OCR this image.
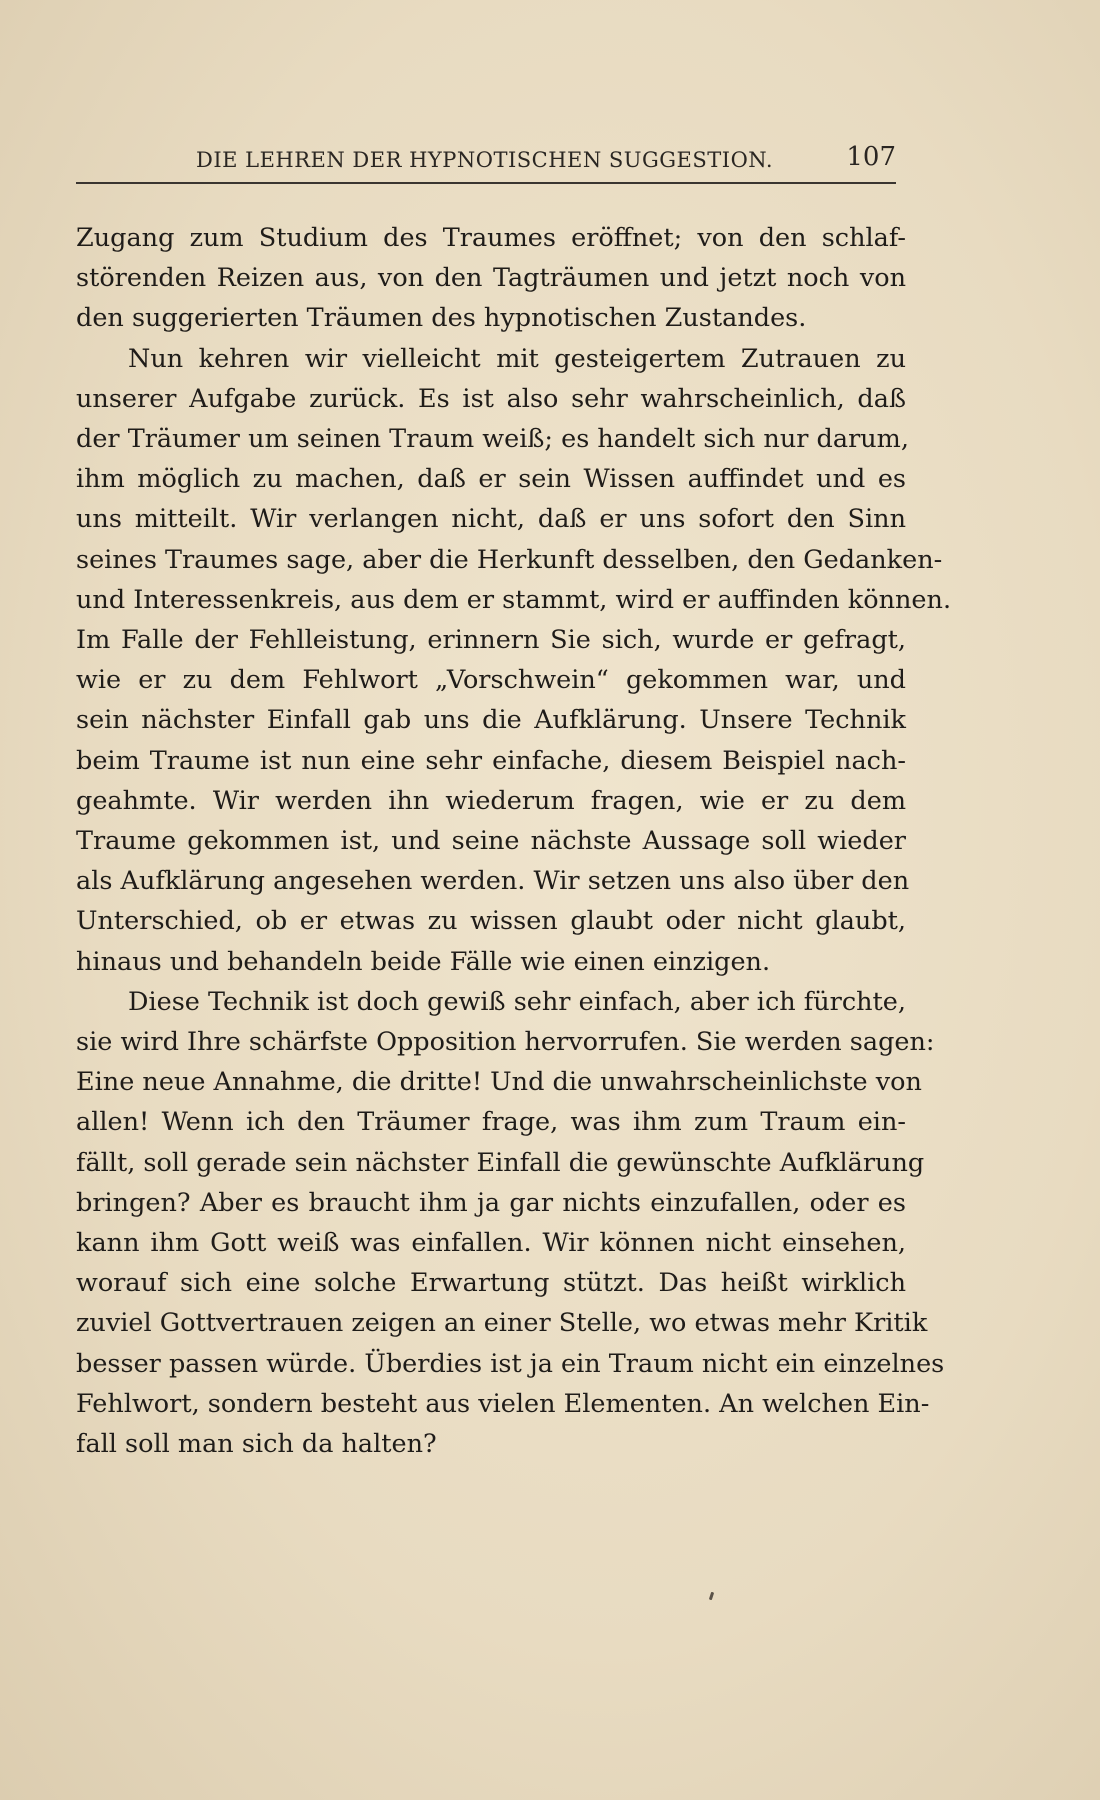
DIE LEHREN DER HYPNOTISCHEN SUGGESTION.	107

Zugang zum Studium des Traumes eröffnet; von den schlaf-
störenden Reizen aus, von den Tagträumen und jetzt noch von
den suggerierten Träumen des hypnotischen Zustandes.

Nun kehren wir vielleicht mit gesteigertem Zutrauen zu
unserer Aufgabe zurück. Es ist also sehr wahrscheinlich, daß
der Träumer um seinen Traum weiß; es handelt sich nur darum,
ihm möglich zu machen, daß er sein Wissen auffindet und es
uns mitteilt. Wir verlangen nicht, daß er uns sofort den Sinn
seines Traumes sage, aber die Herkunft desselben, den Gedanken-
und Interessenkreis, aus dem er stammt, wird er auffinden können.
Im Falle der Fehlleistung, erinnern Sie sich, wurde er gefragt,
wie er zu dem Fehlwort „Vorschwein“ gekommen war, und
sein nächster Einfall gab uns die Aufklärung. Unsere Technik
beim Traume ist nun eine sehr einfache, diesem Beispiel nach-
geahmte. Wir werden ihn wiederum fragen, wie er zu dem
Traume gekommen ist, und seine nächste Aussage soll wieder
als Aufklärung angesehen werden. Wir setzen uns also über den
Unterschied, ob er etwas zu wissen glaubt oder nicht glaubt,
hinaus und behandeln beide Fälle wie einen einzigen.

Diese Technik ist doch gewiß sehr einfach, aber ich fürchte,
sie wird Ihre schärfste Opposition hervorrufen. Sie werden sagen:
Eine neue Annahme, die dritte! Und die unwahrscheinlichste von
allen! Wenn ich den Träumer frage, was ihm zum Traum ein-
fällt, soll gerade sein nächster Einfall die gewünschte Aufklärung
bringen? Aber es braucht ihm ja gar nichts einzufallen, oder es
kann ihm Gott weiß was einfallen. Wir können nicht einsehen,
worauf sich eine solche Erwartung stützt. Das heißt wirklich
zuviel Gottvertrauen zeigen an einer Stelle, wo etwas mehr Kritik
besser passen würde. Überdies ist ja ein Traum nicht ein einzelnes
Fehlwort, sondern besteht aus vielen Elementen. An welchen Ein-
fall soll man sich da halten?
